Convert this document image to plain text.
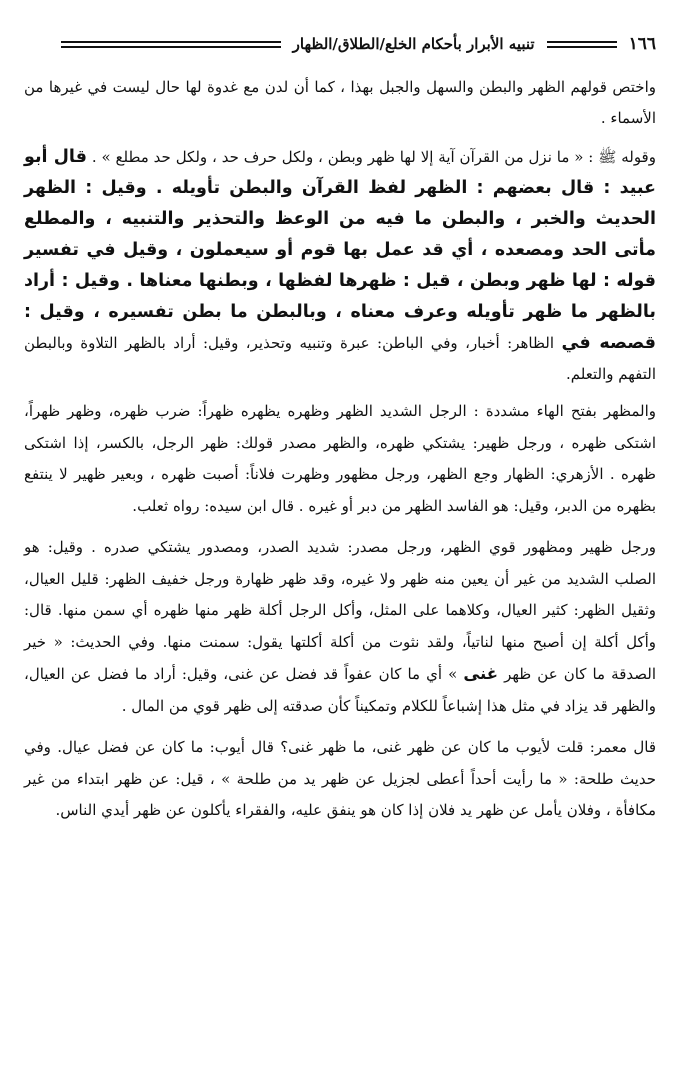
١٦٦
تنبيه الأبرار بأحكام الخلع/الطلاق/الظهار

واختص قولهم الظهر والبطن والسهل والجبل بهذا ، كما أن لدن مع غدوة لها حال ليست في غيرها من الأسماء .

وقوله ﷺ : « ما نزل من القرآن آية إلا لها ظهر وبطن ، ولكل حرف حد ، ولكل حد مطلع » . قال أبو عبيد : قال بعضهم : الظهر لفظ القرآن والبطن تأويله . وقيل : الظهر الحديث والخبر ، والبطن ما فيه من الوعظ والتحذير والتنبيه ، والمطلع مأتى الحد ومصعده ، أي قد عمل بها قوم أو سيعملون ، وقيل في تفسير قوله : لها ظهر وبطن ، قيل : ظهرها لفظها ، وبطنها معناها . وقيل : أراد بالظهر ما ظهر تأويله وعرف معناه ، وبالبطن ما بطن تفسيره ، وقيل : قصصه في الظاهر: أخبار، وفي الباطن: عبرة وتنبيه وتحذير، وقيل: أراد بالظهر التلاوة وبالبطن التفهم والتعلم.

والمظهر بفتح الهاء مشددة : الرجل الشديد الظهر وظهره يظهره ظهراً: ضرب ظهره، وظهر ظهراً، اشتكى ظهره ، ورجل ظهير: يشتكي ظهره، والظهر مصدر قولك: ظهر الرجل، بالكسر، إذا اشتكى ظهره . الأزهري: الظهار وجع الظهر، ورجل مظهور وظهرت فلاناً: أصبت ظهره ، وبعير ظهير لا ينتفع بظهره من الدبر، وقيل: هو الفاسد الظهر من دبر أو غيره . قال ابن سيده: رواه ثعلب.

ورجل ظهير ومظهور قوي الظهر، ورجل مصدر: شديد الصدر، ومصدور يشتكي صدره . وقيل: هو الصلب الشديد من غير أن يعين منه ظهر ولا غيره، وقد ظهر ظهارة ورجل خفيف الظهر: قليل العيال، وثقيل الظهر: كثير العيال، وكلاهما على المثل، وأكل الرجل أكلة ظهر منها ظهره أي سمن منها. قال: وأكل أكلة إن أصبح منها لناتياً، ولقد نثوت من أكلة أكلتها يقول: سمنت منها. وفي الحديث: « خير الصدقة ما كان عن ظهر غنى » أي ما كان عفواً قد فضل عن غنى، وقيل: أراد ما فضل عن العيال، والظهر قد يزاد في مثل هذا إشباعاً للكلام وتمكيناً كأن صدقته إلى ظهر قوي من المال .

قال معمر: قلت لأيوب ما كان عن ظهر غنى، ما ظهر غنى؟ قال أيوب: ما كان عن فضل عيال. وفي حديث طلحة: « ما رأيت أحداً أعطى لجزيل عن ظهر يد من طلحة » ، قيل: عن ظهر ابتداء من غير مكافأة ، وفلان يأمل عن ظهر يد فلان إذا كان هو ينفق عليه، والفقراء يأكلون عن ظهر أيدي الناس.
